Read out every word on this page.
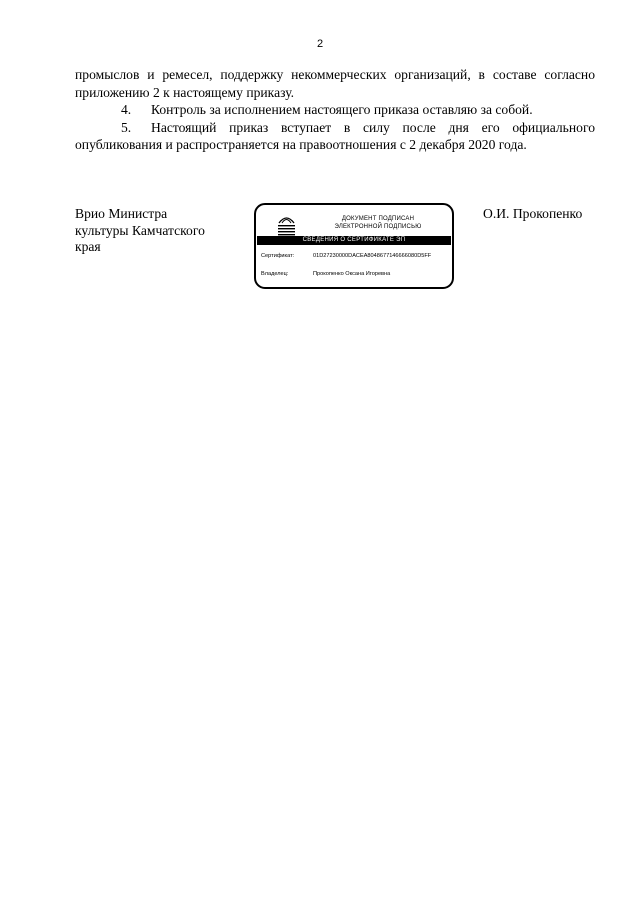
2

промыслов и ремесел, поддержку некоммерческих организаций, в составе согласно приложению 2 к настоящему приказу.

4. Контроль за исполнением настоящего приказа оставляю за собой.

5. Настоящий приказ вступает в силу после дня его официального опубликования и распространяется на правоотношения с 2 декабря 2020 года.

Врио Министра
культуры Камчатского
края
ДОКУМЕНТ ПОДПИСАН
ЭЛЕКТРОННОЙ ПОДПИСЬЮ
СВЕДЕНИЯ О СЕРТИФИКАТЕ ЭП
Сертификат:	01D27230000DACEA8048677146666080D5FF
Владелец:	Прокопенко Оксана Игоревна
О.И. Прокопенко
